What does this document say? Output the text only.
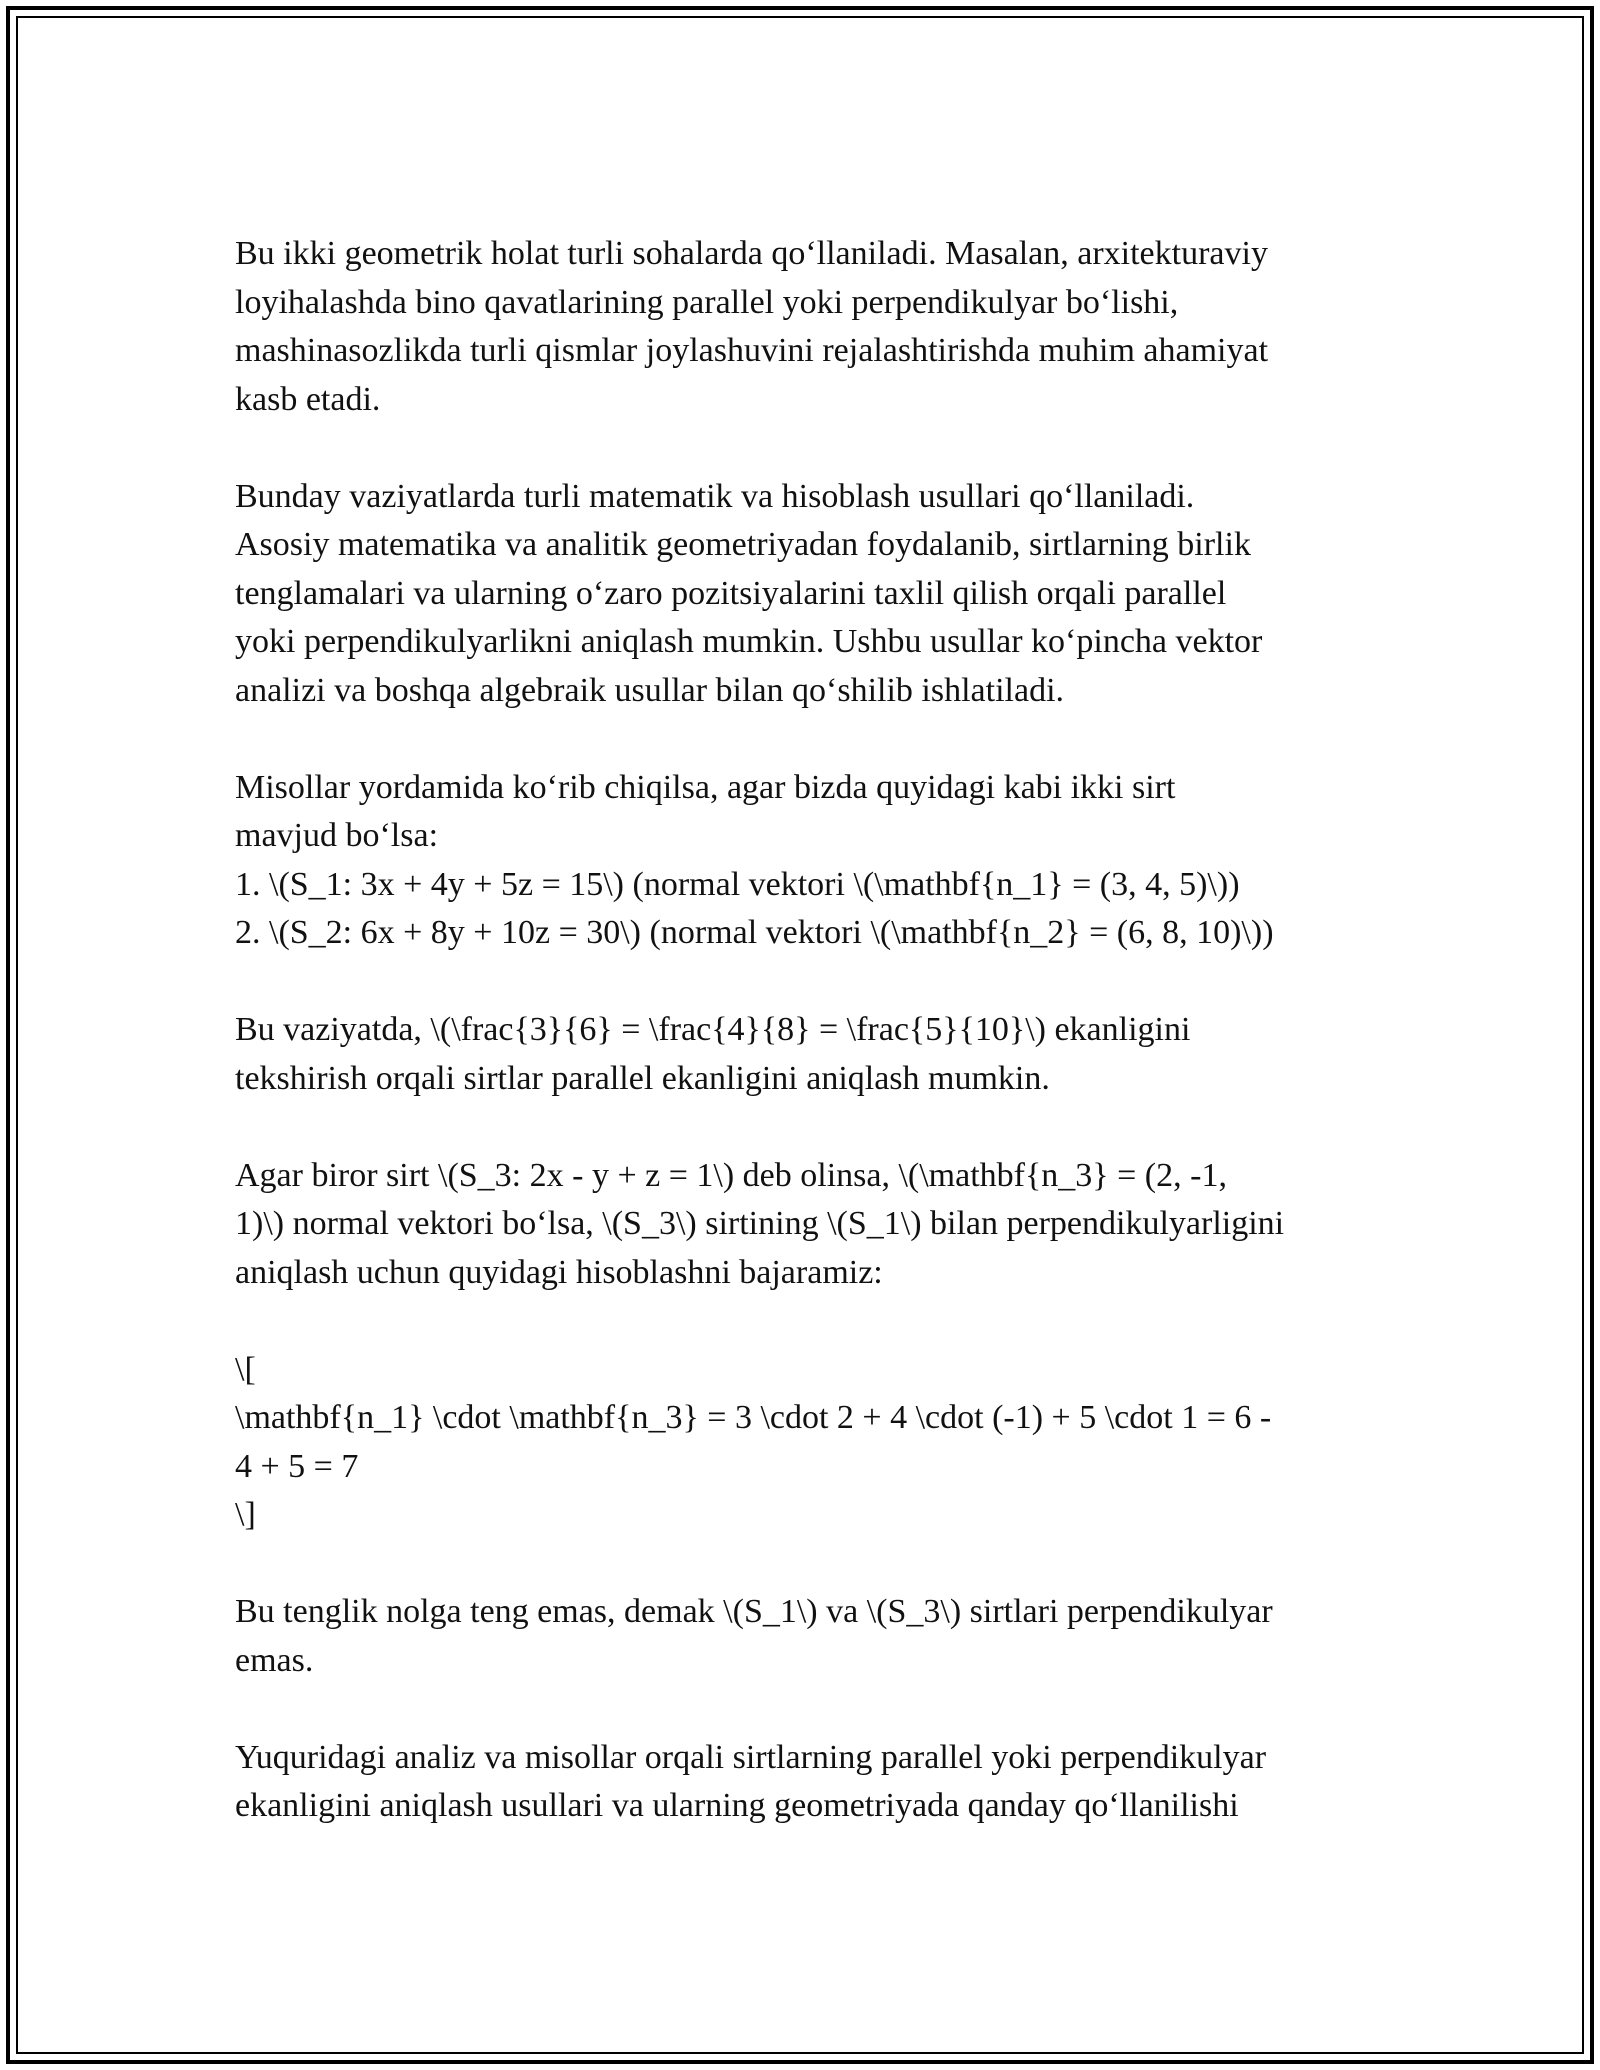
Bu ikki geometrik holat turli sohalarda qo‘llaniladi. Masalan, arxitekturaviy
loyihalashda bino qavatlarining parallel yoki perpendikulyar bo‘lishi,
mashinasozlikda turli qismlar joylashuvini rejalashtirishda muhim ahamiyat
kasb etadi.

Bunday vaziyatlarda turli matematik va hisoblash usullari qo‘llaniladi.
Asosiy matematika va analitik geometriyadan foydalanib, sirtlarning birlik
tenglamalari va ularning o‘zaro pozitsiyalarini taxlil qilish orqali parallel
yoki perpendikulyarlikni aniqlash mumkin. Ushbu usullar ko‘pincha vektor
analizi va boshqa algebraik usullar bilan qo‘shilib ishlatiladi.

Misollar yordamida ko‘rib chiqilsa, agar bizda quyidagi kabi ikki sirt
mavjud bo‘lsa:
1. \(S_1: 3x + 4y + 5z = 15\) (normal vektori \(\mathbf{n_1} = (3, 4, 5)\))
2. \(S_2: 6x + 8y + 10z = 30\) (normal vektori \(\mathbf{n_2} = (6, 8, 10)\))

Bu vaziyatda, \(\frac{3}{6} = \frac{4}{8} = \frac{5}{10}\) ekanligini
tekshirish orqali sirtlar parallel ekanligini aniqlash mumkin.

Agar biror sirt \(S_3: 2x - y + z = 1\) deb olinsa, \(\mathbf{n_3} = (2, -1,
1)\) normal vektori bo‘lsa, \(S_3\) sirtining \(S_1\) bilan perpendikulyarligini
aniqlash uchun quyidagi hisoblashni bajaramiz:

\[
\mathbf{n_1} \cdot \mathbf{n_3} = 3 \cdot 2 + 4 \cdot (-1) + 5 \cdot 1 = 6 -
4 + 5 = 7
\]

Bu tenglik nolga teng emas, demak \(S_1\) va \(S_3\) sirtlari perpendikulyar
emas.

Yuquridagi analiz va misollar orqali sirtlarning parallel yoki perpendikulyar
ekanligini aniqlash usullari va ularning geometriyada qanday qo‘llanilishi
